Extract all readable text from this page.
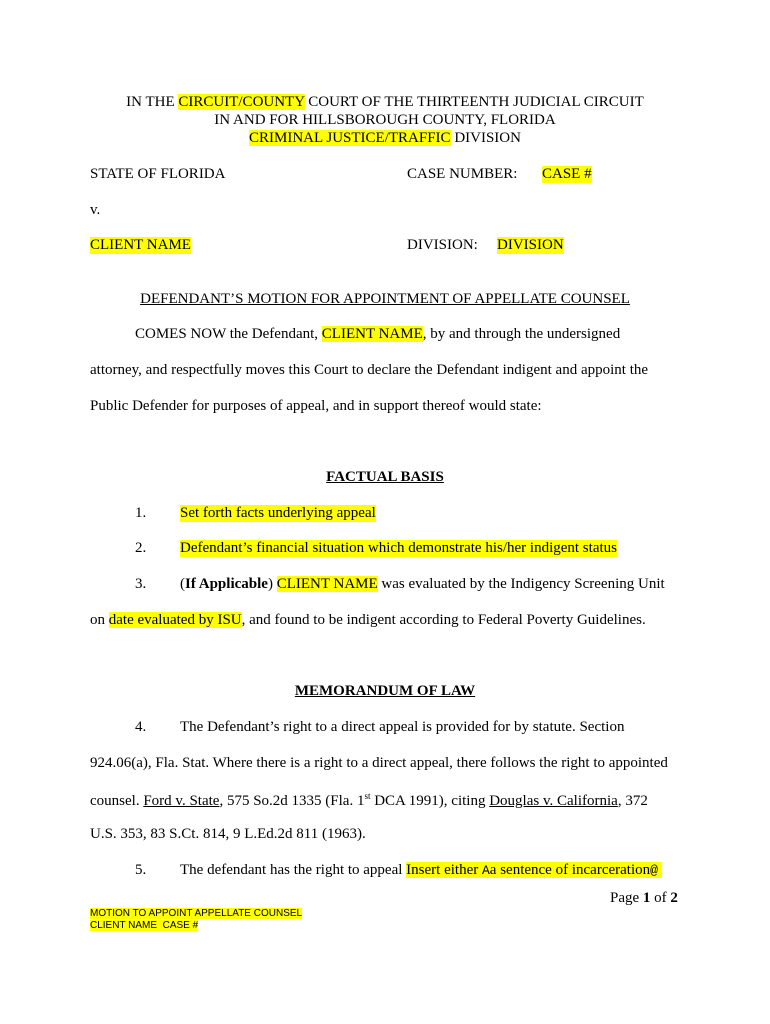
IN THE CIRCUIT/COUNTY COURT OF THE THIRTEENTH JUDICIAL CIRCUIT
IN AND FOR HILLSBOROUGH COUNTY, FLORIDA
CRIMINAL JUSTICE/TRAFFIC DIVISION
STATE OF FLORIDA	CASE NUMBER: CASE #
v.
CLIENT NAME	DIVISION: DIVISION
DEFENDANT’S MOTION FOR APPOINTMENT OF APPELLATE COUNSEL
COMES NOW the Defendant, CLIENT NAME, by and through the undersigned
attorney, and respectfully moves this Court to declare the Defendant indigent and appoint the
Public Defender for purposes of appeal, and in support thereof would state:
FACTUAL BASIS
1. Set forth facts underlying appeal
2. Defendant’s financial situation which demonstrate his/her indigent status
3. (If Applicable) CLIENT NAME was evaluated by the Indigency Screening Unit
on date evaluated by ISU, and found to be indigent according to Federal Poverty Guidelines.
MEMORANDUM OF LAW
4. The Defendant’s right to a direct appeal is provided for by statute. Section
924.06(a), Fla. Stat. Where there is a right to a direct appeal, there follows the right to appointed
counsel. Ford v. State, 575 So.2d 1335 (Fla. 1st DCA 1991), citing Douglas v. California, 372
U.S. 353, 83 S.Ct. 814, 9 L.Ed.2d 811 (1963).
5. The defendant has the right to appeal Insert either Aa sentence of incarceration@
Page 1 of 2
MOTION TO APPOINT APPELLATE COUNSEL
CLIENT NAME CASE #
